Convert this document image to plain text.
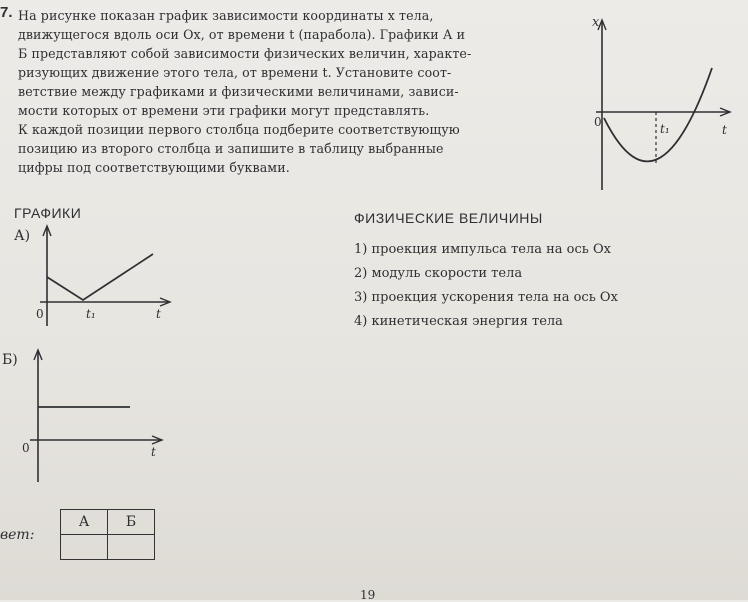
7. На рисунке показан график зависимости координаты x тела,

движущегося вдоль оси Ox, от времени t (парабола). Графики А и

Б представляют собой зависимости физических величин, характе-

ризующих движение этого тела, от времени t. Установите соот-

ветствие между графиками и физическими величинами, зависи-

мости которых от времени эти графики могут представлять.

К каждой позиции первого столбца подберите соответствующую

позицию из второго столбца и запишите в таблицу выбранные

цифры под соответствующими буквами.

x
0	t₁	t
0	t₁	t
0	t
ГРАФИКИ
А)
Б)
ФИЗИЧЕСКИЕ ВЕЛИЧИНЫ
1) проекция импульса тела на ось Ox
2) модуль скорости тела
3) проекция ускорения тела на ось Ox
4) кинетическая энергия тела
вет:
А	Б

19
